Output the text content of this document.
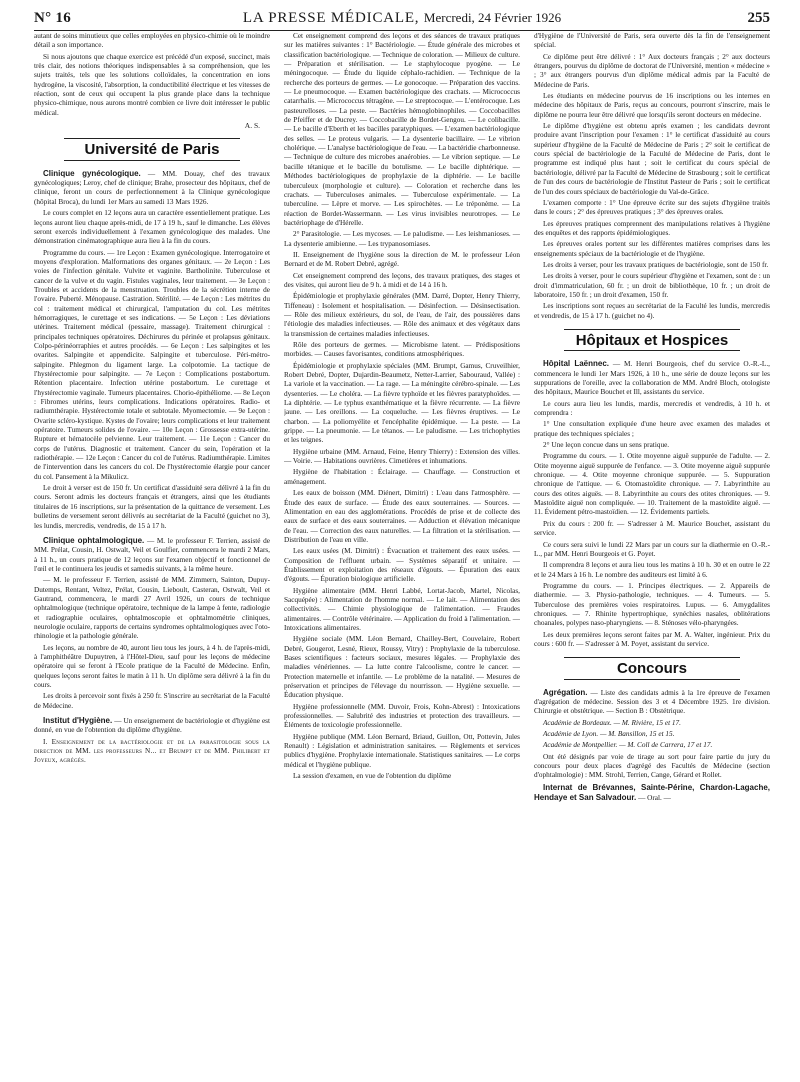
N° 16	LA PRESSE MÉDICALE, Mercredi, 24 Février 1926	255

autant de soins minutieux que celles employées en physico-chimie où le moindre détail a son importance.

Si nous ajoutons que chaque exercice est précédé d'un exposé, succinct, mais très clair, des notions théoriques indispensables à sa compréhension, que les sujets traités, tels que les solutions colloïdales, la concentration en ions hydrogène, la viscosité, l'absorption, la conductibilité électrique et les vitesses de réaction, sont de ceux qui occupent la plus grande place dans la technique physico-chimique, nous aurons montré combien ce livre doit intéresser le public médical.

A. S.
Université de Paris

Clinique gynécologique. — MM. Douay, chef des travaux gynécologiques; Leroy, chef de clinique; Brahe, prosecteur des hôpitaux, chef de clinique, feront un cours de perfectionnement à la Clinique gynécologique (hôpital Broca), du lundi 1er Mars au samedi 13 Mars 1926.

Le cours complet en 12 leçons aura un caractère essentiellement pratique. Les leçons auront lieu chaque après-midi, de 17 à 19 h., sauf le dimanche. Les élèves seront exercés individuellement à l'examen gynécologique des malades. Une démonstration cinématographique aura lieu à la fin du cours.

Programme du cours. — 1re Leçon : Examen gynécologique. Interrogatoire et moyens d'exploration. Malformations des organes génitaux. — 2e Leçon : Les voies de l'infection génitale. Vulvite et vaginite. Bartholinite. Tuberculose et cancer de la vulve et du vagin. Fistules vaginales, leur traitement. — 3e Leçon : Troubles et accidents de la menstruation. Troubles de la sécrétion interne de l'ovaire. Puberté. Ménopause. Castration. Stérilité. — 4e Leçon : Les métrites du col : traitement médical et chirurgical, l'amputation du col. Les métrites hémorragiques, le curettage et ses indications. — 5e Leçon : Les déviations utérines. Traitement médical (pessaire, massage). Traitement chirurgical : principales techniques opératoires. Déchirures du périnée et prolapsus génitaux. Colpo-périnéorraphies et autres procédés. — 6e Leçon : Les salpingites et les ovarites. Salpingite et appendicite. Salpingite et tuberculose. Péri-métro-salpingite. Phlegmon du ligament large. La colpotomie. La tactique de l'hystérectomie pour salpingite. — 7e Leçon : Complications postabortum. Rétention placentaire. Infection utérine postabortum. Le curettage et l'hystérectomie vaginale. Tumeurs placentaires. Chorio-épithéliome. — 8e Leçon : Fibromes utérins, leurs complications. Indications opératoires. Radio- et radiumthérapie. Hystérectomie totale et subtotale. Myomectomie. — 9e Leçon : Ovarite scléro-kystique. Kystes de l'ovaire; leurs complications et leur traitement opératoire. Tumeurs solides de l'ovaire. — 10e Leçon : Grossesse extra-utérine. Rupture et hématocèle pelvienne. Leur traitement. — 11e Leçon : Cancer du corps de l'utérus. Diagnostic et traitement. Cancer du sein, l'opération et la radiothérapie. — 12e Leçon : Cancer du col de l'utérus. Radiumthérapie. Limites de l'intervention dans les cancers du col. De l'hystérectomie élargie pour cancer du col. Pansement à la Mikulicz.

Le droit à verser est de 150 fr. Un certificat d'assiduité sera délivré à la fin du cours. Seront admis les docteurs français et étrangers, ainsi que les étudiants titulaires de 16 inscriptions, sur la présentation de la quittance de versement. Les bulletins de versement seront délivrés au secrétariat de la Faculté (guichet no 3), les lundis, mercredis, vendredis, de 15 à 17 h.

Clinique ophtalmologique. — M. le professeur F. Terrien, assisté de MM. Prélat, Cousin, H. Ostwalt, Veil et Goulfier, commencera le mardi 2 Mars, à 11 h., un cours pratique de 12 leçons sur l'examen objectif et fonctionnel de l'œil et le continuera les jeudis et samedis suivants, à la même heure.

— M. le professeur F. Terrien, assisté de MM. Zimmern, Sainton, Dupuy-Dutemps, Rentant, Veltez, Prélat, Cousin, Lieboult, Casteran, Ostwalt, Veil et Gautrand, commencera, le mardi 27 Avril 1926, un cours de technique ophtalmologique (technique opératoire, technique de la lampe à fente, radiologie et radiographie oculaires, ophtalmoscopie et ophtalmométrie cliniques, neurologie oculaire, rapports de certains syndromes ophtalmologiques avec l'oto-rhinologie et la pathologie générale.

Les leçons, au nombre de 40, auront lieu tous les jours, à 4 h. de l'après-midi, à l'amphithéâtre Dupuytren, à l'Hôtel-Dieu, sauf pour les leçons de médecine opératoire qui se feront à l'Ecole pratique de la Faculté de Médecine. Enfin, quelques leçons seront faites le matin à 11 h. Un diplôme sera délivré à la fin du cours.

Les droits à percevoir sont fixés à 250 fr. S'inscrire au secrétariat de la Faculté de Médecine.

Institut d'Hygiène. — Un enseignement de bactériologie et d'hygiène est donné, en vue de l'obtention du diplôme d'hygiène.

I. Enseignement de la bactériologie et de la parasitologie sous la direction de MM. les professeurs N... et Brumpt et de MM. Philibert et Joyeux, agrégés.

Cet enseignement comprend des leçons et des séances de travaux pratiques sur les matières suivantes : 1° Bactériologie. — Étude générale des microbes et classification bactériologique. — Technique de coloration. — Milieux de culture. — Préparation et stérilisation. — Le staphylocoque pyogène. — Le méningocoque. — Étude du liquide céphalo-rachidien. — Technique de la recherche des porteurs de germes. — Le gonocoque. — Préparation des vaccins. — Le pneumocoque. — Examen bactériologique des crachats. — Micrococcus catarrhalis. — Micrococcus tétragène. — Le streptocoque. — L'entérocoque. Les pasteurelloses. — La peste. — Bactéries hémoglobinophiles. — Coccobacilles de Pfeiffer et de Ducrey. — Coccobacille de Bordet-Gengou. — Le colibacille. — Le bacille d'Eberth et les bacilles paratyphiques. — L'examen bactériologique des selles. — Le proteus vulgaris. — La dysenterie bacillaire. — Le vibrion cholérique. — L'analyse bactériologique de l'eau. — La bactéridie charbonneuse. — Technique de culture des microbes anaérobies. — Le vibrion septique. — Le bacille tétanique et le bacille du botulisme. — Le bacille diphtérique. — Méthodes bactériologiques de prophylaxie de la diphtérie. — Le bacille tuberculeux (morphologie et culture). — Coloration et recherche dans les crachats. — Tuberculoses animales. — Tuberculose expérimentale. — La tuberculine. — Lèpre et morve. — Les spirochètes. — Le tréponème. — La réaction de Bordet-Wassermann. — Les virus invisibles neurotropes. — Le bactériophage de d'Hérelle.

2° Parasitologie. — Les mycoses. — Le paludisme. — Les leishmanioses. — La dysenterie amibienne. — Les trypanosomiases.

II. Enseignement de l'hygiène sous la direction de M. le professeur Léon Bernard et de M. Robert Debré, agrégé.

Cet enseignement comprend des leçons, des travaux pratiques, des stages et des visites, qui auront lieu de 9 h. à midi et de 14 à 16 h.

Épidémiologie et prophylaxie générales (MM. Darré, Dopter, Henry Thierry, Tiffeneau) : Isolement et hospitalisation. — Désinfection. — Désinsectisation. — Rôle des milieux extérieurs, du sol, de l'eau, de l'air, des poussières dans l'étiologie des maladies infectieuses. — Rôle des animaux et des végétaux dans la transmission de certaines maladies infectieuses.

Rôle des porteurs de germes. — Microbisme latent. — Prédispositions morbides. — Causes favorisantes, conditions atmosphériques.

Épidémiologie et prophylaxie spéciales (MM. Brumpt, Gamus, Cruveilhier, Robert Debré, Dopter, Dujardin-Beaumetz, Netter-Larrier, Sabouraud, Vallée) : La variole et la vaccination. — La rage. — La méningite cérébro-spinale. — Les dysenteries. — Le choléra. — La fièvre typhoïde et les fièvres paratyphoïdes. — La diphtérie. — Le typhus exanthématique et la fièvre récurrente. — La fièvre jaune. — Les oreillons. — La coqueluche. — Les fièvres éruptives. — Le charbon. — La poliomyélite et l'encéphalite épidémique. — La peste. — La grippe. — La pneumonie. — Le tétanos. — Le paludisme. — Les trichophyties et les teignes.

Hygiène urbaine (MM. Arnaud, Feine, Henry Thierry) : Extension des villes. — Voirie. — Habitations ouvrières. Cimetières et inhumations.

Hygiène de l'habitation : Éclairage. — Chauffage. — Construction et aménagement.

Les eaux de boisson (MM. Diénert, Dimitri) : L'eau dans l'atmosphère. — Étude des eaux de surface. — Étude des eaux souterraines. — Sources. — Alimentation en eau des agglomérations. Procédés de prise et de collecte des eaux de surface et des eaux souterraines. — Adduction et élévation mécanique de l'eau. — Correction des eaux naturelles. — La filtration et la stérilisation. — Distribution de l'eau en ville.

Les eaux usées (M. Dimitri) : Évacuation et traitement des eaux usées. — Composition de l'effluent urbain. — Systèmes séparatif et unitaire. — Établissement et exploitation des réseaux d'égouts. — Épuration des eaux d'égouts. — Épuration biologique artificielle.

Hygiène alimentaire (MM. Henri Labbé, Lortat-Jacob, Martel, Nicolas, Sacquépée) : Alimentation de l'homme normal. — Le lait. — Alimentation des collectivités. — Chimie physiologique de l'alimentation. — Fraudes alimentaires. — Contrôle vétérinaire. — Application du froid à l'alimentation. — Intoxications alimentaires.

Hygiène sociale (MM. Léon Bernard, Chailley-Bert, Couvelaire, Robert Debré, Gougerot, Lesné, Rieux, Roussy, Vitry) : Prophylaxie de la tuberculose. Bases scientifiques : facteurs sociaux, mesures légales. — Prophylaxie des maladies vénériennes. — La lutte contre l'alcoolisme, contre le cancer. — Protection maternelle et infantile. — Le problème de la natalité. — Mesures de préservation et principes de l'élevage du nourrisson. — Hygiène sexuelle. — Éducation physique.

Hygiène professionnelle (MM. Duvoir, Frois, Kohn-Abrest) : Intoxications professionnelles. — Salubrité des industries et protection des travailleurs. — Éléments de toxicologie professionnelle.

Hygiène publique (MM. Léon Bernard, Briaud, Guillon, Ott, Pottevin, Jules Renault) : Législation et administration sanitaires. — Règlements et services publics d'hygiène. Prophylaxie internationale. Statistiques sanitaires. — Le corps médical et l'hygiène publique.

La session d'examen, en vue de l'obtention du diplôme

d'Hygiène de l'Université de Paris, sera ouverte dès la fin de l'enseignement spécial.

Ce diplôme peut être délivré : 1° Aux docteurs français ; 2° aux docteurs étrangers, pourvus du diplôme de doctorat de l'Université, mention « médecine » ; 3° aux étrangers pourvus d'un diplôme médical admis par la Faculté de Médecine de Paris.

Les étudiants en médecine pourvus de 16 inscriptions ou les internes en médecine des hôpitaux de Paris, reçus au concours, pourront s'inscrire, mais le diplôme ne pourra leur être délivré que lorsqu'ils seront docteurs en médecine.

Le diplôme d'hygiène est obtenu après examen ; les candidats devront produire avant l'inscription pour l'examen : 1° le certificat d'assiduité au cours supérieur d'hygiène de la Faculté de Médecine de Paris ; 2° soit le certificat de cours spécial de bactériologie de la Faculté de Médecine de Paris, dont le programme est indiqué plus haut ; soit le certificat du cours spécial de bactériologie, délivré par la Faculté de Médecine de Strasbourg ; soit le certificat de l'un des cours de bactériologie de l'Institut Pasteur de Paris ; soit le certificat de l'un des cours spéciaux de bactériologie du Val-de-Grâce.

L'examen comporte : 1° Une épreuve écrite sur des sujets d'hygiène traités dans le cours ; 2° des épreuves pratiques ; 3° des épreuves orales.

Les épreuves pratiques comprennent des manipulations relatives à l'hygiène des enquêtes et des rapports épidémiologiques.

Les épreuves orales portent sur les différentes matières comprises dans les enseignements spéciaux de la bactériologie et de l'hygiène.

Les droits à verser, pour les travaux pratiques de bactériologie, sont de 150 fr.

Les droits à verser, pour le cours supérieur d'hygiène et l'examen, sont de : un droit d'immatriculation, 60 fr. ; un droit de bibliothèque, 10 fr. ; un droit de laboratoire, 150 fr. ; un droit d'examen, 150 fr.

Les inscriptions sont reçues au secrétariat de la Faculté les lundis, mercredis et vendredis, de 15 à 17 h. (guichet no 4).

Hôpitaux et Hospices

Hôpital Laënnec. — M. Henri Bourgeois, chef du service O.-R.-L., commencera le lundi 1er Mars 1926, à 10 h., une série de douze leçons sur les suppurations de l'oreille, avec la collaboration de MM. André Bloch, otologiste des hôpitaux, Maurice Bouchet et Ill, assistants du service.

Le cours aura lieu les lundis, mardis, mercredis et vendredis, à 10 h. et comprendra :

1° Une consultation expliquée d'une heure avec examen des malades et pratique des techniques spéciales ;

2° Une leçon concue dans un sens pratique.

Programme du cours. — 1. Otite moyenne aiguë suppurée de l'adulte. — 2. Otite moyenne aiguë suppurée de l'enfance. — 3. Otite moyenne aiguë suppurée chronique. — 4. Otite moyenne chronique suppurée. — 5. Suppuration chronique de l'attique. — 6. Otomastoïdite chronique. — 7. Labyrinthite au cours des otites aiguës. — 8. Labyrinthite au cours des otites chroniques. — 9. Mastoïdite aiguë non compliquée. — 10. Traitement de la mastoïdite aiguë. — 11. Évidement pétro-mastoïdien. — 12. Évidements partiels.

Prix du cours : 200 fr. — S'adresser à M. Maurice Bouchet, assistant du service.

Ce cours sera suivi le lundi 22 Mars par un cours sur la diathermie en O.-R.-L., par MM. Henri Bourgeois et G. Poyet.

Il comprendra 8 leçons et aura lieu tous les matins à 10 h. 30 et en outre le 22 et le 24 Mars à 16 h. Le nombre des auditeurs est limité à 6.

Programme du cours. — 1. Principes électriques. — 2. Appareils de diathermie. — 3. Physio-pathologie, techniques. — 4. Tumeurs. — 5. Tuberculose des premières voies respiratoires. Lupus. — 6. Amygdalites chroniques. — 7. Rhinite hypertrophique, synéchies nasales, oblitérations choanales, polypes naso-pharyngiens. — 8. Sténoses vélo-pharyngées.

Les deux premières leçons seront faites par M. A. Walter, ingénieur. Prix du cours : 600 fr. — S'adresser à M. Poyet, assistant du service.

Concours

Agrégation. — Liste des candidats admis à la 1re épreuve de l'examen d'agrégation de médecine. Session des 3 et 4 Décembre 1925. 1re division. Chirurgie et obstétrique. — Section B : Obstétrique.

Académie de Bordeaux. — M. Rivière, 15 et 17.

Académie de Lyon. — M. Bansillon, 15 et 15.

Académie de Montpellier. — M. Coll de Carrera, 17 et 17.

Ont été désignés par voie de tirage au sort pour faire partie du jury du concours pour deux places d'agrégé des Facultés de Médecine (section d'ophtalmologie) : MM. Strohl, Terrien, Cange, Gérard et Rollet.

Internat de Brévannes, Sainte-Périne, Chardon-Lagache, Hendaye et San Salvadour. — Oral. —
